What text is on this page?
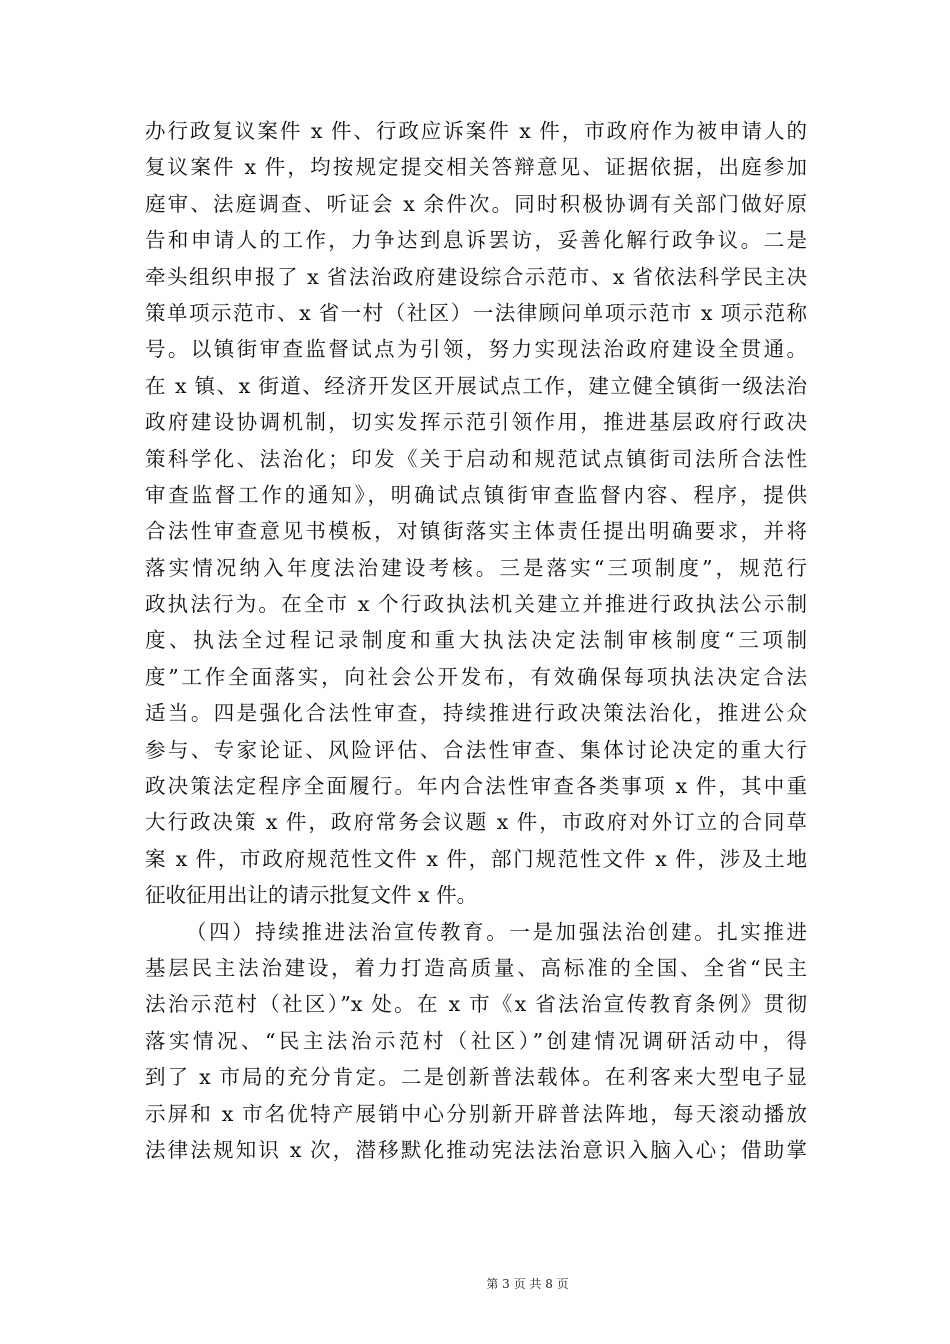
办行政复议案件 x 件、行政应诉案件 x 件，市政府作为被申请人的
复议案件 x 件，均按规定提交相关答辩意见、证据依据，出庭参加
庭审、法庭调查、听证会 x 余件次。同时积极协调有关部门做好原
告和申请人的工作，力争达到息诉罢访，妥善化解行政争议。二是
牵头组织申报了 x 省法治政府建设综合示范市、x 省依法科学民主决
策单项示范市、x 省一村（社区）一法律顾问单项示范市 x 项示范称
号。以镇街审查监督试点为引领，努力实现法治政府建设全贯通。
在 x 镇、x 街道、经济开发区开展试点工作，建立健全镇街一级法治
政府建设协调机制，切实发挥示范引领作用，推进基层政府行政决
策科学化、法治化；印发《关于启动和规范试点镇街司法所合法性
审查监督工作的通知》，明确试点镇街审查监督内容、程序，提供
合法性审查意见书模板，对镇街落实主体责任提出明确要求，并将
落实情况纳入年度法治建设考核。三是落实“三项制度”，规范行
政执法行为。在全市 x 个行政执法机关建立并推进行政执法公示制
度、执法全过程记录制度和重大执法决定法制审核制度“三项制
度”工作全面落实，向社会公开发布，有效确保每项执法决定合法
适当。四是强化合法性审查，持续推进行政决策法治化，推进公众
参与、专家论证、风险评估、合法性审查、集体讨论决定的重大行
政决策法定程序全面履行。年内合法性审查各类事项 x 件，其中重
大行政决策 x 件，政府常务会议题 x 件，市政府对外订立的合同草
案 x 件，市政府规范性文件 x 件，部门规范性文件 x 件，涉及土地
征收征用出让的请示批复文件 x 件。
（四）持续推进法治宣传教育。一是加强法治创建。扎实推进
基层民主法治建设，着力打造高质量、高标准的全国、全省“民主
法治示范村（社区）”x 处。在 x 市《x 省法治宣传教育条例》贯彻
落实情况、“民主法治示范村（社区）”创建情况调研活动中，得
到了 x 市局的充分肯定。二是创新普法载体。在利客来大型电子显
示屏和 x 市名优特产展销中心分别新开辟普法阵地，每天滚动播放
法律法规知识 x 次，潜移默化推动宪法法治意识入脑入心；借助掌
第 3 页 共 8 页
